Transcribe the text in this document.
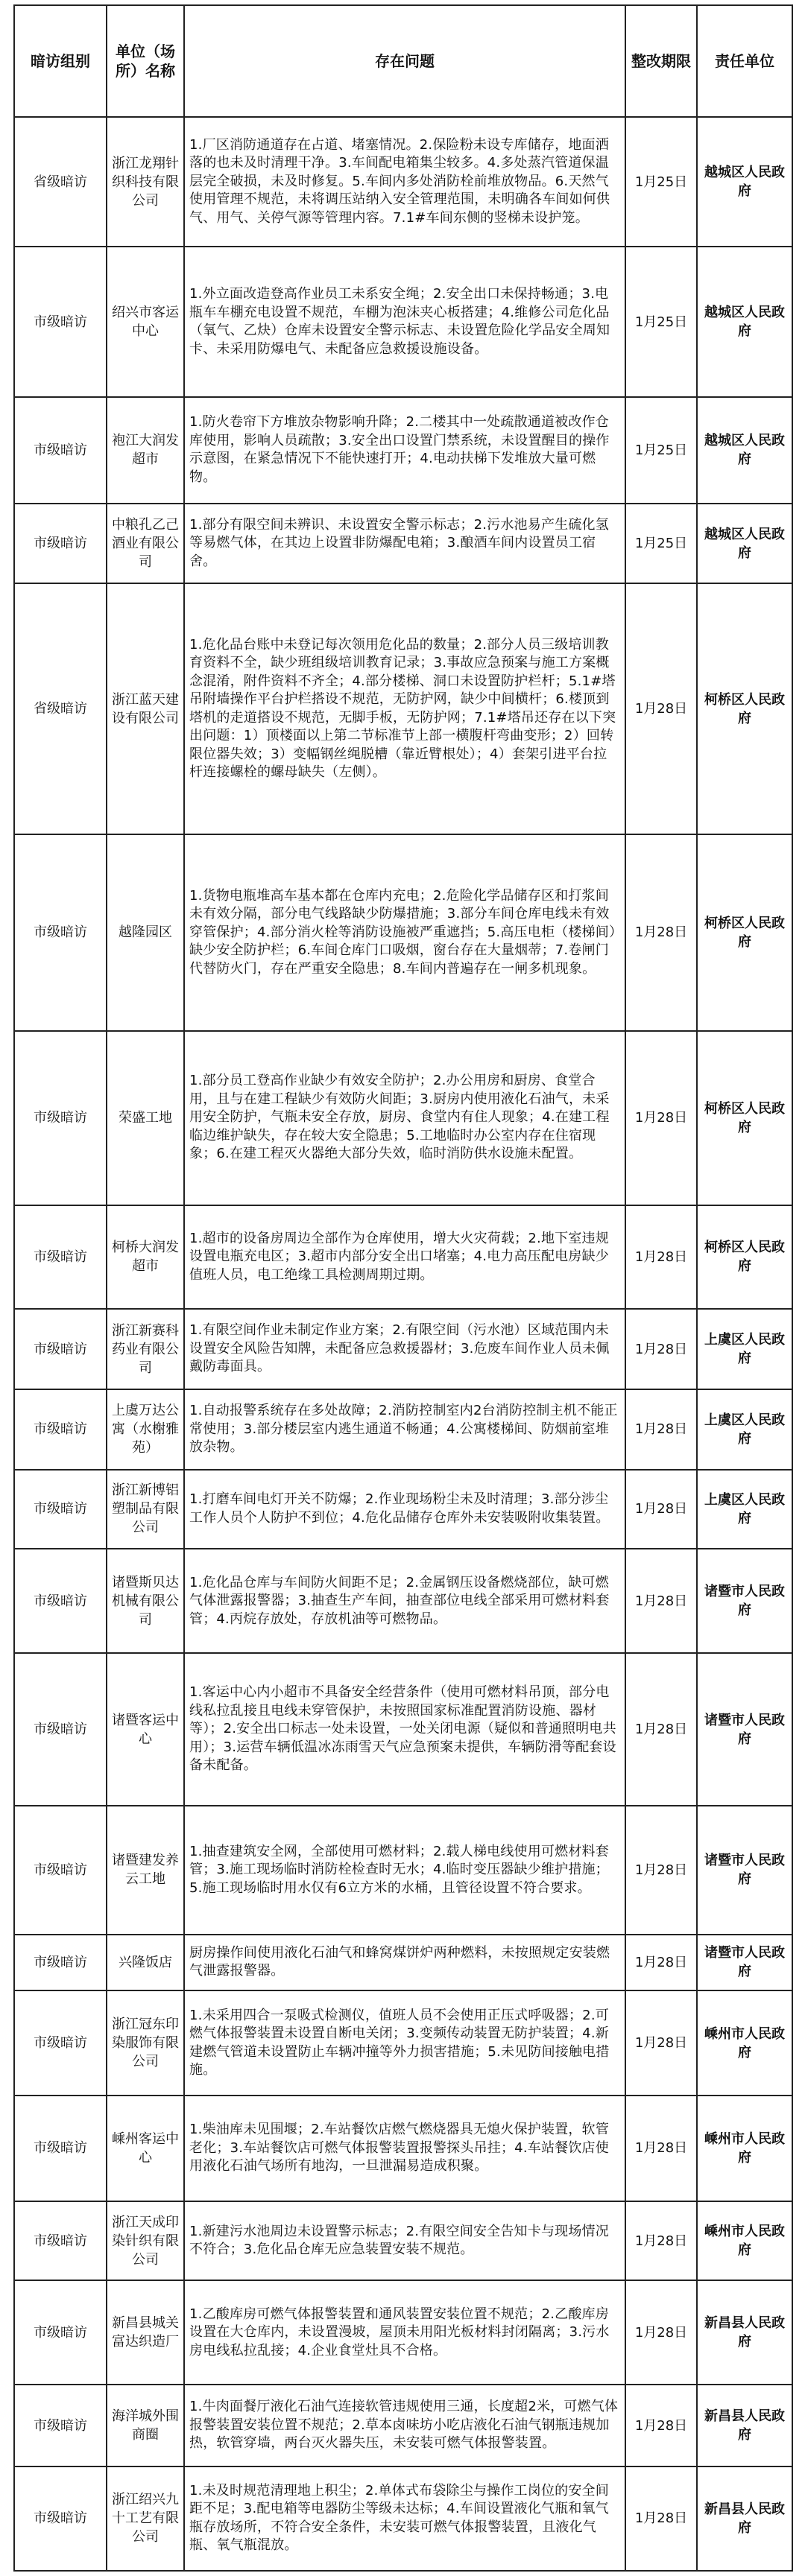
暗访组别	单位（场所）名称	存在问题	整改期限	责任单位
省级暗访	浙江龙翔针织科技有限公司	1.厂区消防通道存在占道、堵塞情况。2.保险粉未设专库储存，地面洒落的也未及时清理干净。3.车间配电箱集尘较多。4.多处蒸汽管道保温层完全破损，未及时修复。5.车间内多处消防栓前堆放物品。6.天然气使用管理不规范，未将调压站纳入安全管理范围，未明确各车间如何供气、用气、关停气源等管理内容。7.1#车间东侧的竖梯未设护笼。	1月25日	越城区人民政府
市级暗访	绍兴市客运中心	1.外立面改造登高作业员工未系安全绳；2.安全出口未保持畅通；3.电瓶车车棚充电设置不规范，车棚为泡沫夹心板搭建；4.维修公司危化品（氧气、乙炔）仓库未设置安全警示标志、未设置危险化学品安全周知卡、未采用防爆电气、未配备应急救援设施设备。	1月25日	越城区人民政府
市级暗访	袍江大润发超市	1.防火卷帘下方堆放杂物影响升降；2.二楼其中一处疏散通道被改作仓库使用，影响人员疏散；3.安全出口设置门禁系统，未设置醒目的操作示意图，在紧急情况下不能快速打开；4.电动扶梯下发堆放大量可燃物。	1月25日	越城区人民政府
市级暗访	中粮孔乙己酒业有限公司	1.部分有限空间未辨识、未设置安全警示标志；2.污水池易产生硫化氢等易燃气体，在其边上设置非防爆配电箱；3.酿酒车间内设置员工宿舍。	1月25日	越城区人民政府
省级暗访	浙江蓝天建设有限公司	1.危化品台账中未登记每次领用危化品的数量；2.部分人员三级培训教育资料不全，缺少班组级培训教育记录；3.事故应急预案与施工方案概念混淆，附件资料不齐全；4.部分楼梯、洞口未设置防护栏杆；5.1#塔吊附墙操作平台护栏搭设不规范，无防护网，缺少中间横杆；6.楼顶到塔机的走道搭设不规范，无脚手板，无防护网；7.1#塔吊还存在以下突出问题：1）顶楼面以上第二节标准节上部一横腹杆弯曲变形；2）回转限位器失效；3）变幅钢丝绳脱槽（靠近臂根处）；4）套架引进平台拉杆连接螺栓的螺母缺失（左侧）。	1月28日	柯桥区人民政府
市级暗访	越隆园区	1.货物电瓶堆高车基本都在仓库内充电；2.危险化学品储存区和打浆间未有效分隔，部分电气线路缺少防爆措施；3.部分车间仓库电线未有效穿管保护；4.部分消火栓等消防设施被严重遮挡；5.高压电柜（楼梯间）缺少安全防护栏；6.车间仓库门口吸烟，窗台存在大量烟蒂；7.卷闸门代替防火门，存在严重安全隐患；8.车间内普遍存在一闸多机现象。	1月28日	柯桥区人民政府
市级暗访	荣盛工地	1.部分员工登高作业缺少有效安全防护；2.办公用房和厨房、食堂合用，且与在建工程缺少有效防火间距；3.厨房内使用液化石油气，未采用安全防护，气瓶未安全存放，厨房、食堂内有住人现象；4.在建工程临边维护缺失，存在较大安全隐患；5.工地临时办公室内存在住宿现象；6.在建工程灭火器绝大部分失效，临时消防供水设施未配置。	1月28日	柯桥区人民政府
市级暗访	柯桥大润发超市	1.超市的设备房周边全部作为仓库使用，增大火灾荷载；2.地下室违规设置电瓶充电区；3.超市内部分安全出口堵塞；4.电力高压配电房缺少值班人员，电工绝缘工具检测周期过期。	1月28日	柯桥区人民政府
市级暗访	浙江新赛科药业有限公司	1.有限空间作业未制定作业方案；2.有限空间（污水池）区域范围内未设置安全风险告知牌，未配备应急救援器材；3.危废车间作业人员未佩戴防毒面具。	1月28日	上虞区人民政府
市级暗访	上虞万达公寓（水榭雅苑）	1.自动报警系统存在多处故障；2.消防控制室内2台消防控制主机不能正常使用；3.部分楼层室内逃生通道不畅通；4.公寓楼梯间、防烟前室堆放杂物。	1月28日	上虞区人民政府
市级暗访	浙江新博铝塑制品有限公司	1.打磨车间电灯开关不防爆；2.作业现场粉尘未及时清理；3.部分涉尘工作人员个人防护不到位；4.危化品储存仓库外未安装吸附收集装置。	1月28日	上虞区人民政府
市级暗访	诸暨斯贝达机械有限公司	1.危化品仓库与车间防火间距不足；2.金属钢压设备燃烧部位，缺可燃气体泄露报警器；3.抽查生产车间，抽查部位电线全部采用可燃材料套管；4.丙烷存放处，存放机油等可燃物品。	1月28日	诸暨市人民政府
市级暗访	诸暨客运中心	1.客运中心内小超市不具备安全经营条件（使用可燃材料吊顶，部分电线私拉乱接且电线未穿管保护，未按照国家标准配置消防设施、器材等）；2.安全出口标志一处未设置，一处关闭电源（疑似和普通照明电共用）；3.运营车辆低温冰冻雨雪天气应急预案未提供，车辆防滑等配套设备未配备。	1月28日	诸暨市人民政府
市级暗访	诸暨建发养云工地	1.抽查建筑安全网，全部使用可燃材料；2.载人梯电线使用可燃材料套管；3.施工现场临时消防栓检查时无水；4.临时变压器缺少维护措施；5.施工现场临时用水仅有6立方米的水桶，且管径设置不符合要求。	1月28日	诸暨市人民政府
市级暗访	兴隆饭店	厨房操作间使用液化石油气和蜂窝煤饼炉两种燃料，未按照规定安装燃气泄露报警器。	1月28日	诸暨市人民政府
市级暗访	浙江冠东印染服饰有限公司	1.未采用四合一泵吸式检测仪，值班人员不会使用正压式呼吸器；2.可燃气体报警装置未设置自断电关闭；3.变频传动装置无防护装置；4.新建燃气管道未设置防止车辆冲撞等外力损害措施；5.未见防间接触电措施。	1月28日	嵊州市人民政府
市级暗访	嵊州客运中心	1.柴油库未见围堰；2.车站餐饮店燃气燃烧器具无熄火保护装置，软管老化；3.车站餐饮店可燃气体报警装置报警探头吊挂；4.车站餐饮店使用液化石油气场所有地沟，一旦泄漏易造成积聚。	1月28日	嵊州市人民政府
市级暗访	浙江天成印染针织有限公司	1.新建污水池周边未设置警示标志；2.有限空间安全告知卡与现场情况不符合；3.危化品仓库无应急装置安装不规范。	1月28日	嵊州市人民政府
市级暗访	新昌县城关富达织造厂	1.乙酸库房可燃气体报警装置和通风装置安装位置不规范；2.乙酸库房设置在大仓库内，未设置漫坡，屋顶未用阳光板材料封闭隔离；3.污水房电线私拉乱接；4.企业食堂灶具不合格。	1月28日	新昌县人民政府
市级暗访	海洋城外围商圈	1.牛肉面餐厅液化石油气连接软管违规使用三通，长度超2米，可燃气体报警装置安装位置不规范；2.草本卤味坊小吃店液化石油气钢瓶违规加热，软管穿墙，两台灭火器失压，未安装可燃气体报警装置。	1月28日	新昌县人民政府
市级暗访	浙江绍兴九十工艺有限公司	1.未及时规范清理地上积尘；2.单体式布袋除尘与操作工岗位的安全间距不足；3.配电箱等电器防尘等级未达标；4.车间设置液化气瓶和氧气瓶存放场所，不符合安全条件，未安装可燃气体报警装置，且液化气瓶、氧气瓶混放。	1月28日	新昌县人民政府
